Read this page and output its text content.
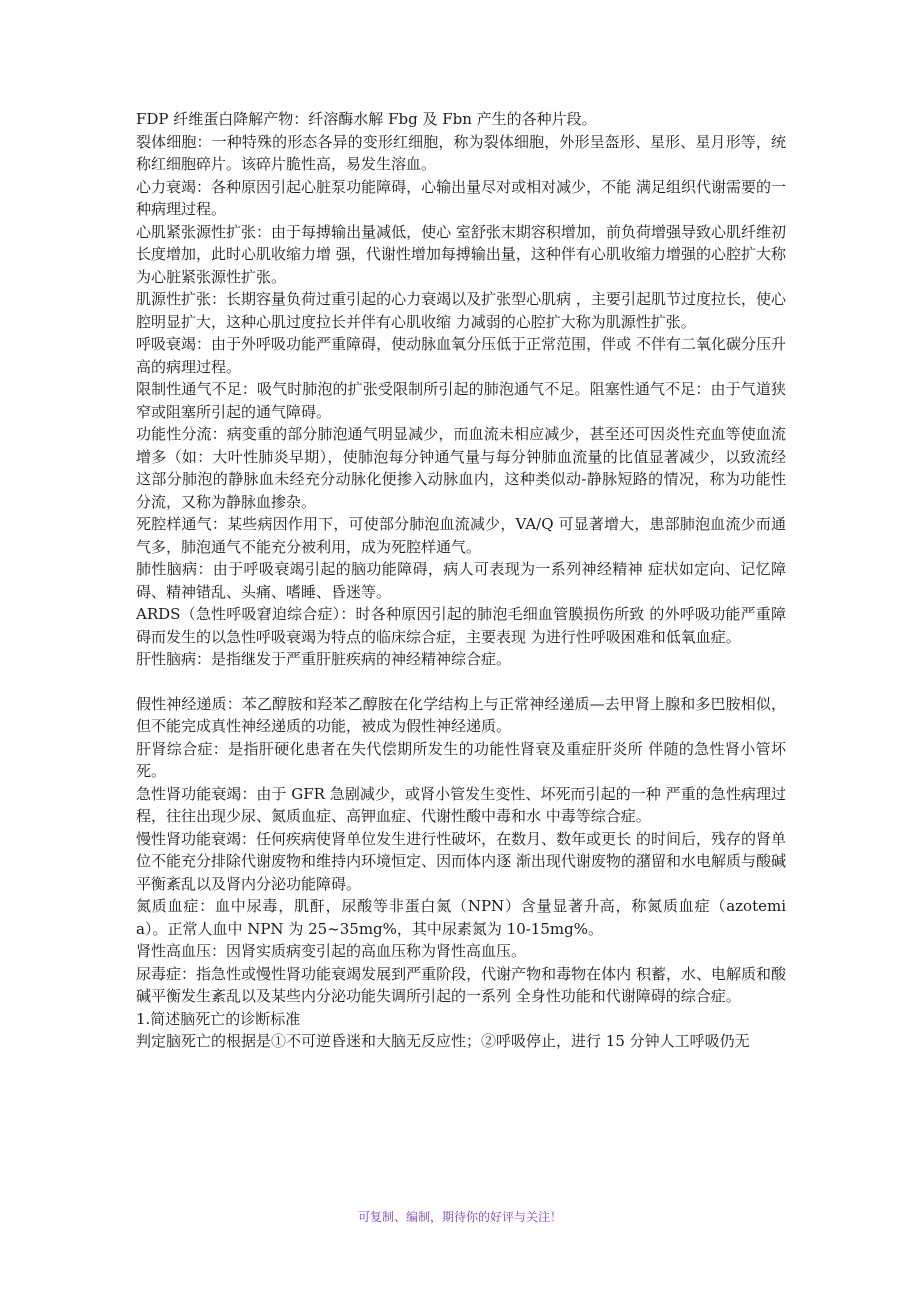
FDP 纤维蛋白降解产物：纤溶酶水解 Fbg 及 Fbn 产生的各种片段。

裂体细胞：一种特殊的形态各异的变形红细胞，称为裂体细胞，外形呈盔形、星形、星月形等，统称红细胞碎片。该碎片脆性高，易发生溶血。

心力衰竭：各种原因引起心脏泵功能障碍，心输出量尽对或相对减少，不能 满足组织代谢需要的一种病理过程。

心肌紧张源性扩张：由于每搏输出量减低，使心 室舒张末期容积增加，前负荷增强导致心肌纤维初长度增加，此时心肌收缩力增 强，代谢性增加每搏输出量，这种伴有心肌收缩力增强的心腔扩大称为心脏紧张源性扩张。

肌源性扩张：长期容量负荷过重引起的心力衰竭以及扩张型心肌病 ，主要引起肌节过度拉长，使心腔明显扩大，这种心肌过度拉长并伴有心肌收缩 力减弱的心腔扩大称为肌源性扩张。

呼吸衰竭：由于外呼吸功能严重障碍，使动脉血氧分压低于正常范围，伴或 不伴有二氧化碳分压升高的病理过程。

限制性通气不足：吸气时肺泡的扩张受限制所引起的肺泡通气不足。阻塞性通气不足：由于气道狭窄或阻塞所引起的通气障碍。

功能性分流：病变重的部分肺泡通气明显减少，而血流未相应减少，甚至还可因炎性充血等使血流增多（如：大叶性肺炎早期），使肺泡每分钟通气量与每分钟肺血流量的比值显著减少，以致流经这部分肺泡的静脉血未经充分动脉化便掺入动脉血内，这种类似动-静脉短路的情况，称为功能性分流，又称为静脉血掺杂。

死腔样通气：某些病因作用下，可使部分肺泡血流减少，VA/Q 可显著增大，患部肺泡血流少而通气多，肺泡通气不能充分被利用，成为死腔样通气。

肺性脑病：由于呼吸衰竭引起的脑功能障碍，病人可表现为一系列神经精神 症状如定向、记忆障碍、精神错乱、头痛、嗜睡、昏迷等。

ARDS（急性呼吸窘迫综合症）：时各种原因引起的肺泡毛细血管膜损伤所致 的外呼吸功能严重障碍而发生的以急性呼吸衰竭为特点的临床综合症，主要表现 为进行性呼吸困难和低氧血症。

肝性脑病：是指继发于严重肝脏疾病的神经精神综合症。

假性神经递质：苯乙醇胺和羟苯乙醇胺在化学结构上与正常神经递质—去甲肾上腺和多巴胺相似，但不能完成真性神经递质的功能，被成为假性神经递质。

肝肾综合症：是指肝硬化患者在失代偿期所发生的功能性肾衰及重症肝炎所 伴随的急性肾小管坏死。

急性肾功能衰竭：由于 GFR 急剧减少，或肾小管发生变性、坏死而引起的一种 严重的急性病理过程，往往出现少尿、氮质血症、高钾血症、代谢性酸中毒和水 中毒等综合症。

慢性肾功能衰竭：任何疾病使肾单位发生进行性破坏，在数月、数年或更长 的时间后，残存的肾单位不能充分排除代谢废物和维持内环境恒定、因而体内逐 渐出现代谢废物的潴留和水电解质与酸碱平衡紊乱以及肾内分泌功能障碍。

氮质血症：血中尿毒，肌酐，尿酸等非蛋白氮（NPN）含量显著升高，称氮质血症（azotemia）。正常人血中 NPN 为 25~35mg%，其中尿素氮为 10-15mg%。

肾性高血压：因肾实质病变引起的高血压称为肾性高血压。

尿毒症：指急性或慢性肾功能衰竭发展到严重阶段，代谢产物和毒物在体内 积蓄，水、电解质和酸碱平衡发生紊乱以及某些内分泌功能失调所引起的一系列 全身性功能和代谢障碍的综合症。

1.简述脑死亡的诊断标准

判定脑死亡的根据是①不可逆昏迷和大脑无反应性；②呼吸停止，进行 15 分钟人工呼吸仍无

可复制、编制，期待你的好评与关注！
